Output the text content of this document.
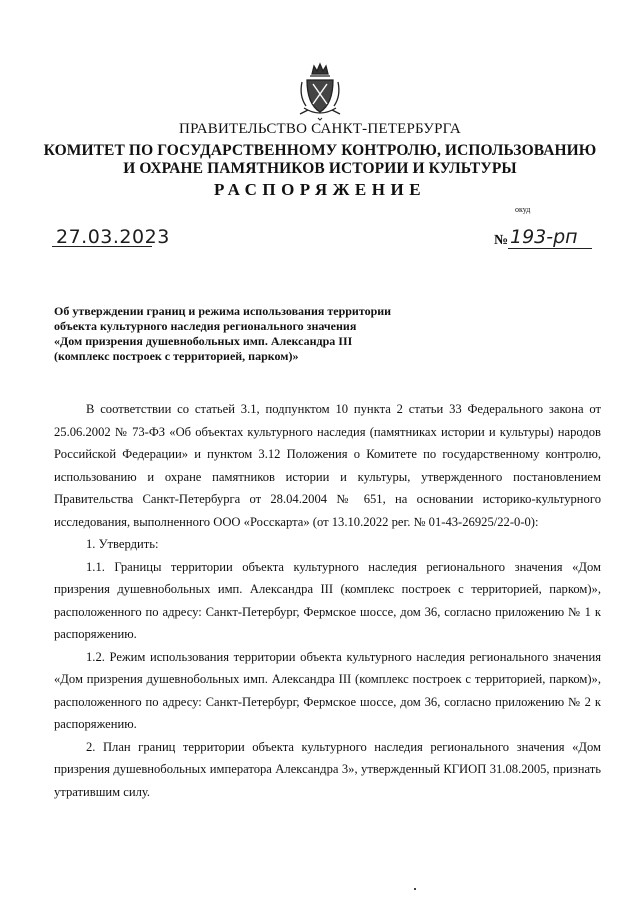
ПРАВИТЕЛЬСТВО САНКТ-ПЕТЕРБУРГА
КОМИТЕТ ПО ГОСУДАРСТВЕННОМУ КОНТРОЛЮ, ИСПОЛЬЗОВАНИЮ
И ОХРАНЕ ПАМЯТНИКОВ ИСТОРИИ И КУЛЬТУРЫ
РАСПОРЯЖЕНИЕ
окуд
27.03.2023	№ 193-рп
Об утверждении границ и режима использования территории
объекта культурного наследия регионального значения
«Дом призрения душевнобольных имп. Александра III
(комплекс построек с территорией, парком)»

В соответствии со статьей 3.1, подпунктом 10 пункта 2 статьи 33 Федерального закона от 25.06.2002 № 73-ФЗ «Об объектах культурного наследия (памятниках истории и культуры) народов Российской Федерации» и пунктом 3.12 Положения о Комитете по государственному контролю, использованию и охране памятников истории и культуры, утвержденного постановлением Правительства Санкт-Петербурга от 28.04.2004 № 651, на основании историко-культурного исследования, выполненного ООО «Росскарта» (от 13.10.2022 рег. № 01-43-26925/22-0-0):

1. Утвердить:

1.1. Границы территории объекта культурного наследия регионального значения «Дом призрения душевнобольных имп. Александра III (комплекс построек с территорией, парком)», расположенного по адресу: Санкт-Петербург, Фермское шоссе, дом 36, согласно приложению № 1 к распоряжению.

1.2. Режим использования территории объекта культурного наследия регионального значения «Дом призрения душевнобольных имп. Александра III (комплекс построек с территорией, парком)», расположенного по адресу: Санкт-Петербург, Фермское шоссе, дом 36, согласно приложению № 2 к распоряжению.

2. План границ территории объекта культурного наследия регионального значения «Дом призрения душевнобольных императора Александра 3», утвержденный КГИОП 31.08.2005, признать утратившим силу.
